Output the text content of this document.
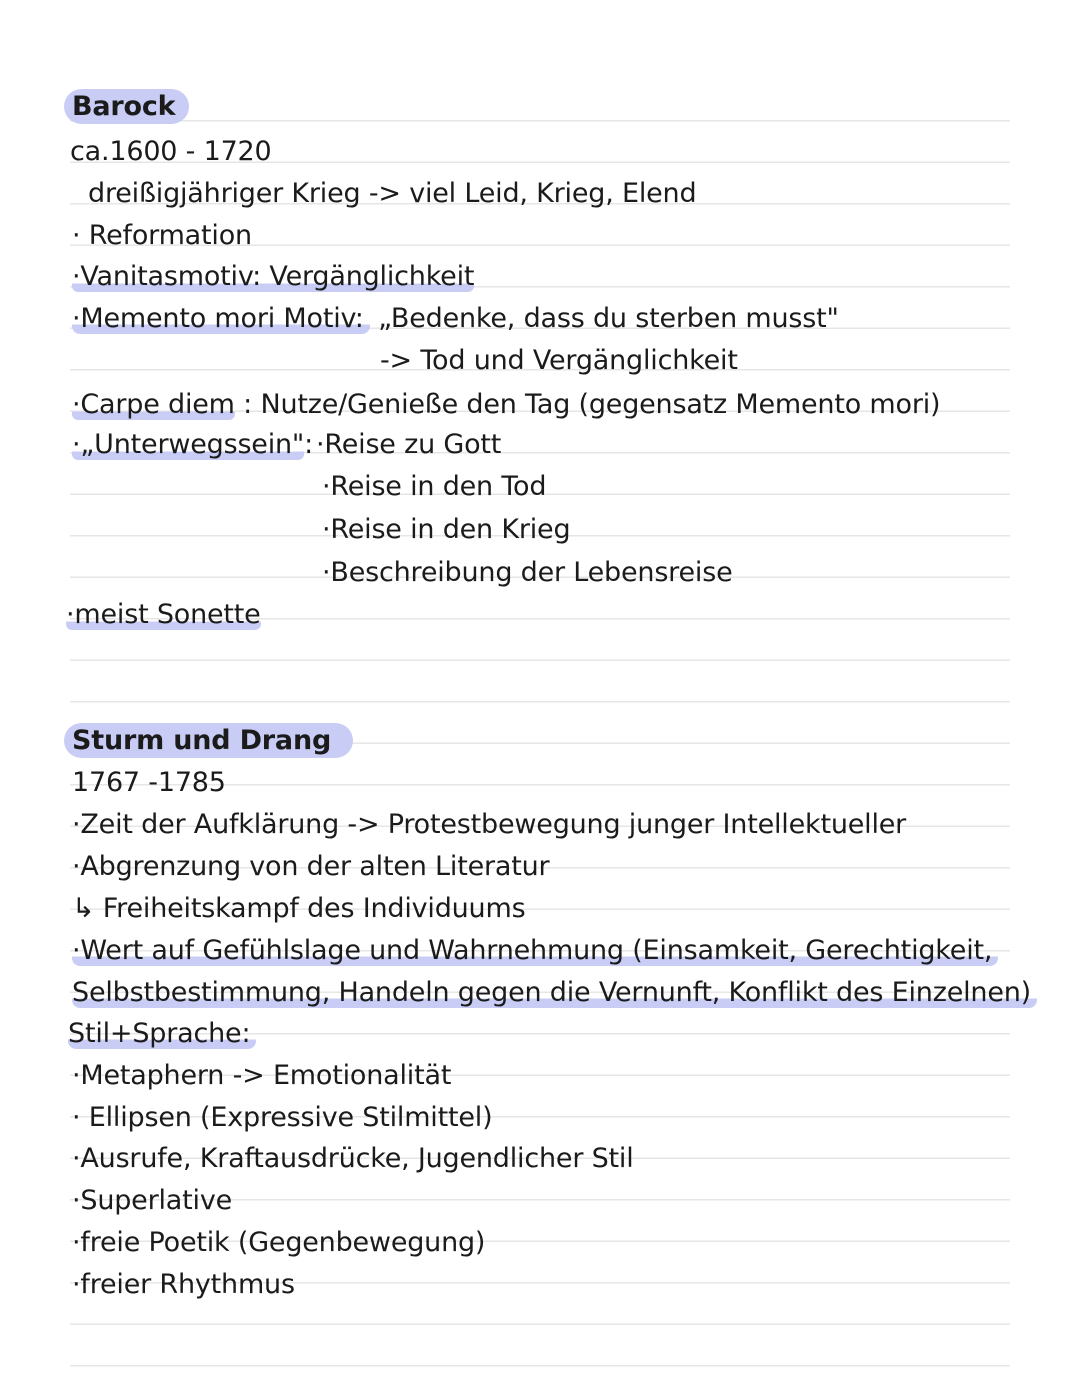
Barock
ca.1600 - 1720
dreißigjähriger Krieg -> viel Leid, Krieg, Elend
· Reformation
·Vanitasmotiv: Vergänglichkeit
·Memento mori Motiv: „Bedenke, dass du sterben musst"
-> Tod und Vergänglichkeit
·Carpe diem : Nutze/Genieße den Tag (gegensatz Memento mori)
·„Unterwegssein": ·Reise zu Gott
·Reise in den Tod
·Reise in den Krieg
·Beschreibung der Lebensreise
·meist Sonette
Sturm und Drang
1767 -1785
·Zeit der Aufklärung -> Protestbewegung junger Intellektueller
·Abgrenzung von der alten Literatur
↳ Freiheitskampf des Individuums
·Wert auf Gefühlslage und Wahrnehmung (Einsamkeit, Gerechtigkeit,
Selbstbestimmung, Handeln gegen die Vernunft, Konflikt des Einzelnen)
Stil+Sprache:
·Metaphern -> Emotionalität
· Ellipsen (Expressive Stilmittel)
·Ausrufe, Kraftausdrücke, Jugendlicher Stil
·Superlative
·freie Poetik (Gegenbewegung)
·freier Rhythmus
